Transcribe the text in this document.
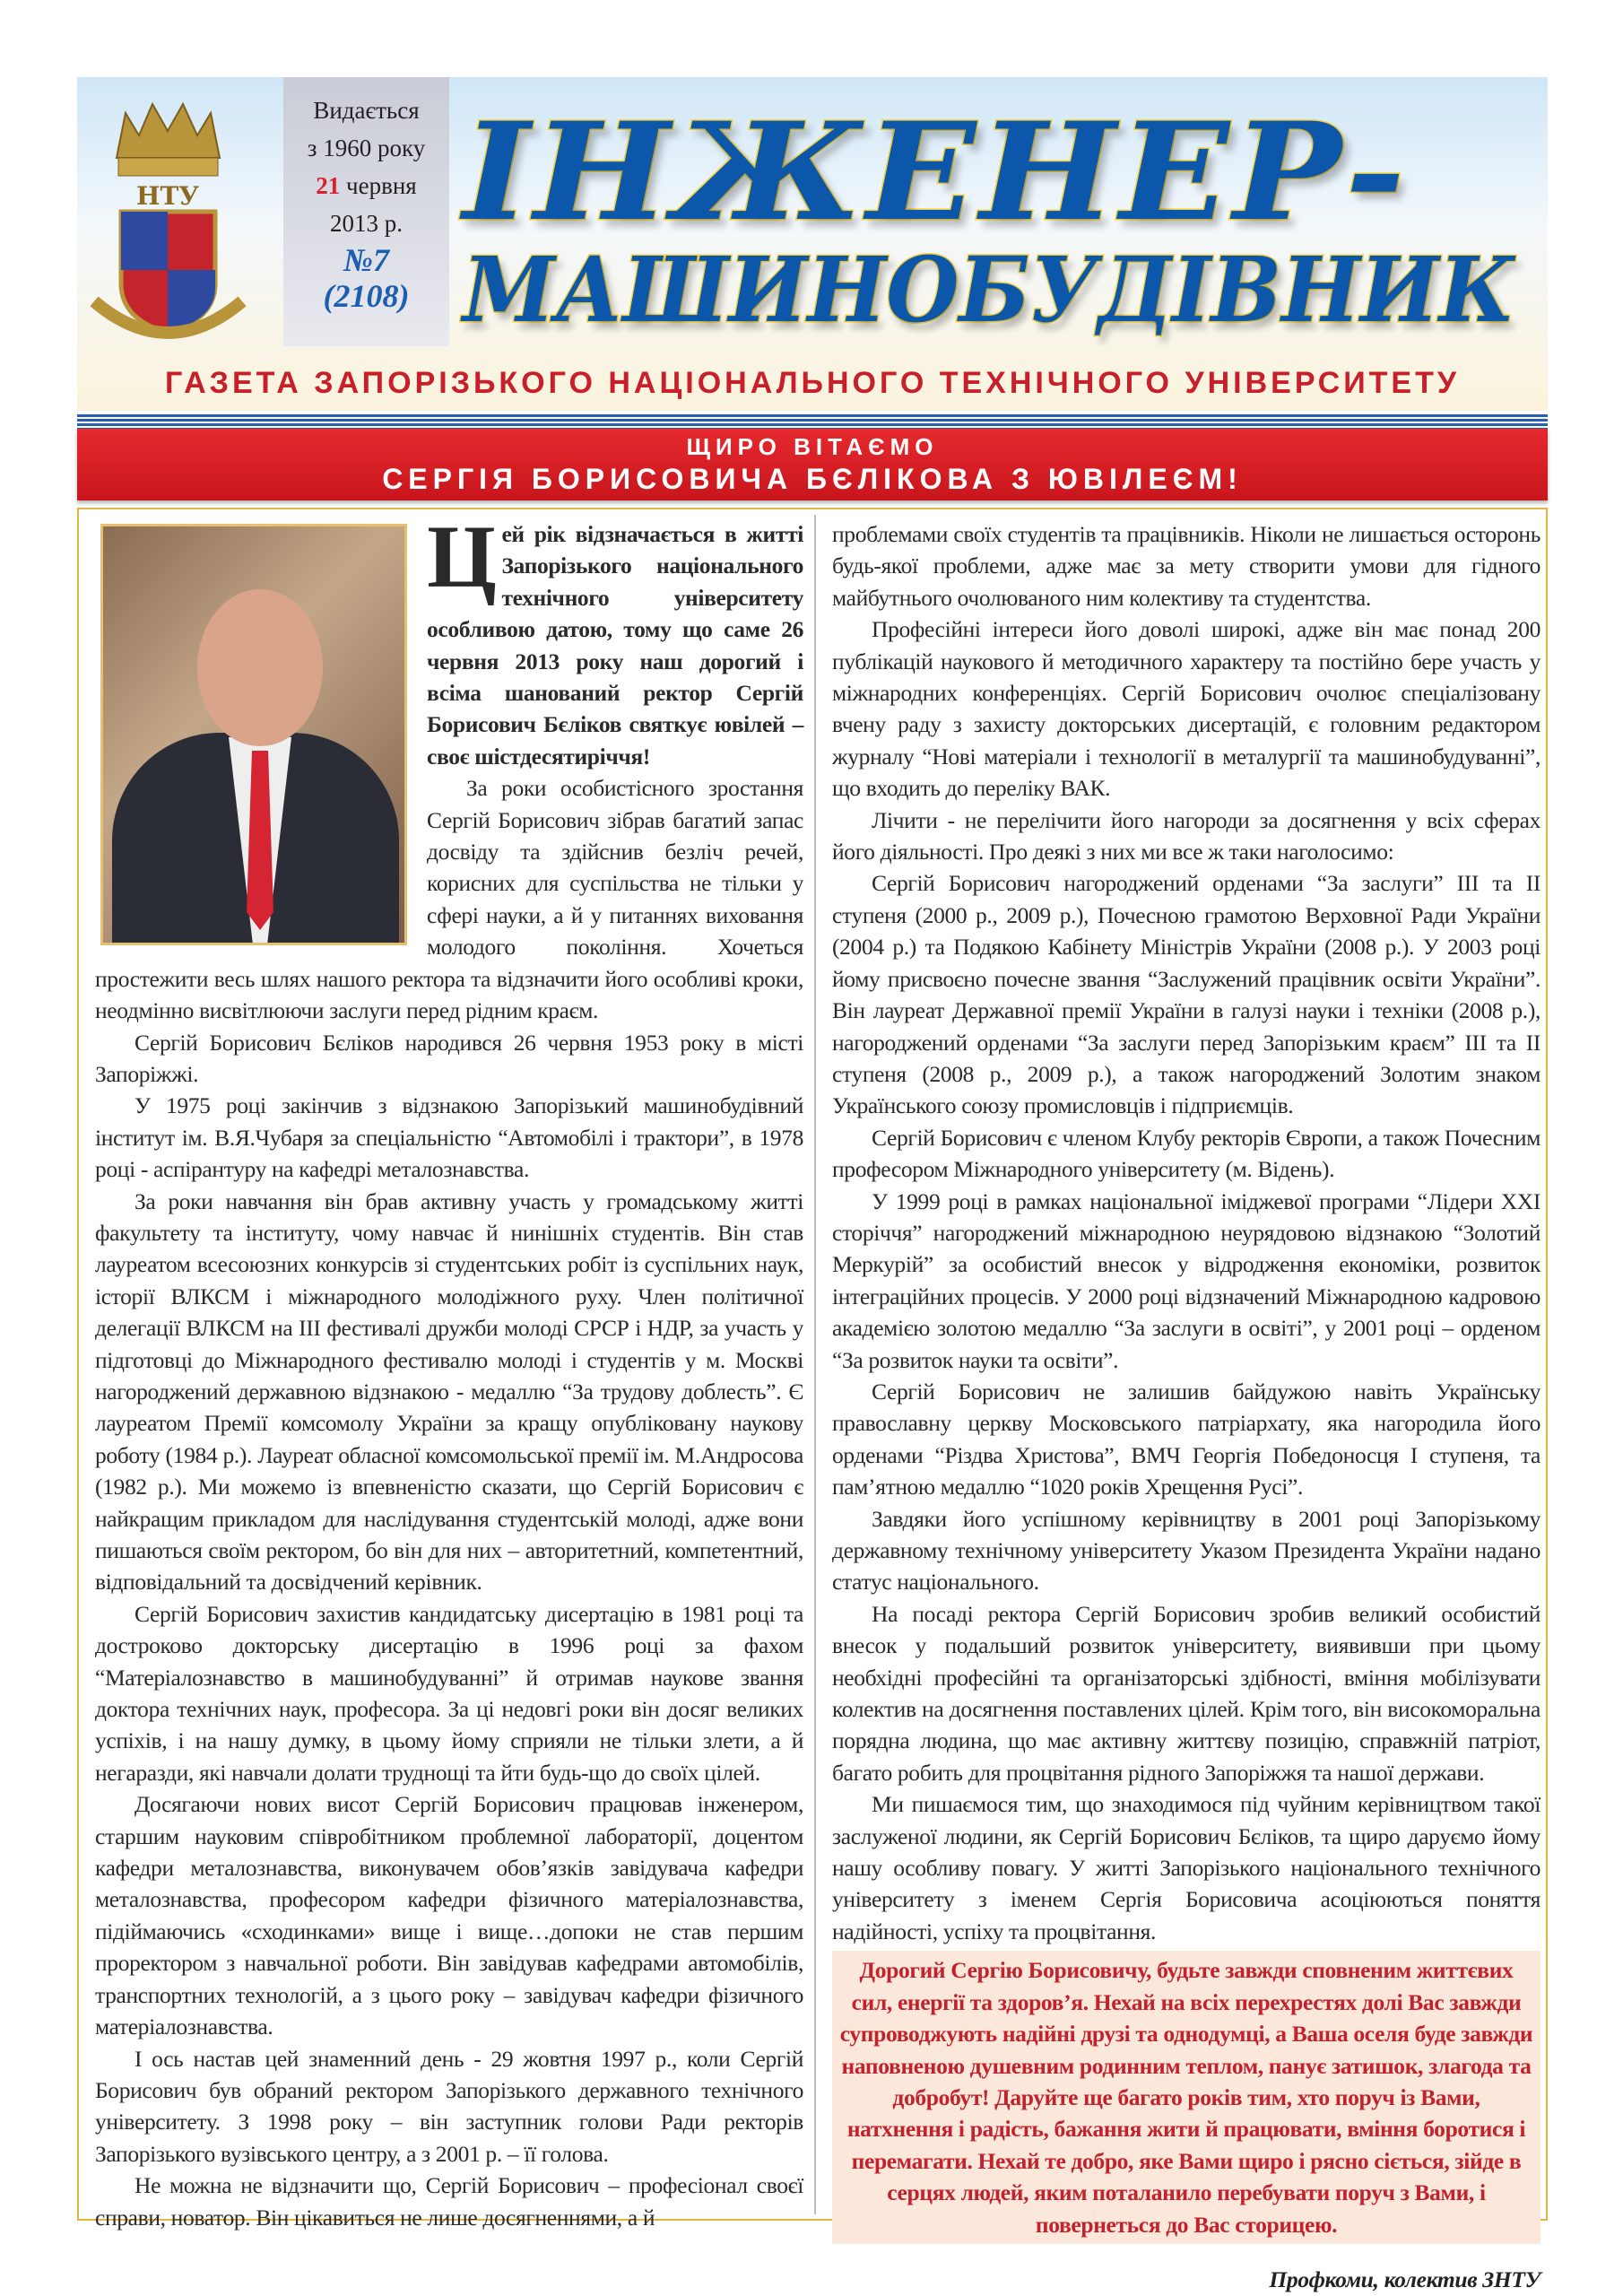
НТУ
Видається
з 1960 року
21 червня
2013 р.
№7
(2108)
ІНЖЕНЕР-
МАШИНОБУДІВНИК
ГАЗЕТА ЗАПОРІЗЬКОГО НАЦІОНАЛЬНОГО ТЕХНІЧНОГО УНІВЕРСИТЕТУ
ЩИРО ВІТАЄМО
СЕРГІЯ БОРИСОВИЧА БЄЛІКОВА З ЮВІЛЕЄМ!

Цей рік відзначається в житті Запорізького національного технічного університету особливою датою, тому що саме 26 червня 2013 року наш дорогий і всіма шанований ректор Сергій Борисович Бєліков святкує ювілей – своє шістдесятиріччя!

За роки особистісного зростання Сергій Борисович зібрав багатий запас досвіду та здійснив безліч речей, корисних для суспільства не тільки у сфері науки, а й у питаннях виховання молодого покоління. Хочеться простежити весь шлях нашого ректора та відзначити його особливі кроки, неодмінно висвітлюючи заслуги перед рідним краєм.

Сергій Борисович Бєліков народився 26 червня 1953 року в місті Запоріжжі.

У 1975 році закінчив з відзнакою Запорізький машинобудівний інститут ім. В.Я.Чубаря за спеціальністю “Автомобілі і трактори”, в 1978 році - аспірантуру на кафедрі металознавства.

За роки навчання він брав активну участь у громадському житті факультету та інституту, чому навчає й нинішніх студентів. Він став лауреатом всесоюзних конкурсів зі студентських робіт із суспільних наук, історії ВЛКСМ і міжнародного молодіжного руху. Член політичної делегації ВЛКСМ на ІІІ фестивалі дружби молоді СРСР і НДР, за участь у підготовці до Міжнародного фестивалю молоді і студентів у м. Москві нагороджений державною відзнакою - медаллю “За трудову доблесть”. Є лауреатом Премії комсомолу України за кращу опубліковану наукову роботу (1984 р.). Лауреат обласної комсомольської премії ім. М.Андросова (1982 р.). Ми можемо із впевненістю сказати, що Сергій Борисович є найкращим прикладом для наслідування студентській молоді, адже вони пишаються своїм ректором, бо він для них – авторитетний, компетентний, відповідальний та досвідчений керівник.

Сергій Борисович захистив кандидатську дисертацію в 1981 році та достроково докторську дисертацію в 1996 році за фахом “Матеріалознавство в машинобудуванні” й отримав наукове звання доктора технічних наук, професора. За ці недовгі роки він досяг великих успіхів, і на нашу думку, в цьому йому сприяли не тільки злети, а й негаразди, які навчали долати труднощі та йти будь-що до своїх цілей.

Досягаючи нових висот Сергій Борисович працював інженером, старшим науковим співробітником проблемної лабораторії, доцентом кафедри металознавства, виконувачем обов’язків завідувача кафедри металознавства, професором кафедри фізичного матеріалознавства, підіймаючись «сходинками» вище і вище…допоки не став першим проректором з навчальної роботи. Він завідував кафедрами автомобілів, транспортних технологій, а з цього року – завідувач кафедри фізичного матеріалознавства.

І ось настав цей знаменний день - 29 жовтня 1997 р., коли Сергій Борисович був обраний ректором Запорізького державного технічного університету. З 1998 року – він заступник голови Ради ректорів Запорізького вузівського центру, а з 2001 р. – її голова.

Не можна не відзначити що, Сергій Борисович – професіонал своєї справи, новатор. Він цікавиться не лише досягненнями, а й

проблемами своїх студентів та працівників. Ніколи не лишається осторонь будь-якої проблеми, адже має за мету створити умови для гідного майбутнього очолюваного ним колективу та студентства.

Професійні інтереси його доволі широкі, адже він має понад 200 публікацій наукового й методичного характеру та постійно бере участь у міжнародних конференціях. Сергій Борисович очолює спеціалізовану вчену раду з захисту докторських дисертацій, є головним редактором журналу “Нові матеріали і технології в металургії та машинобудуванні”, що входить до переліку ВАК.

Лічити - не перелічити його нагороди за досягнення у всіх сферах його діяльності. Про деякі з них ми все ж таки наголосимо:

Сергій Борисович нагороджений орденами “За заслуги” ІІІ та ІІ ступеня (2000 р., 2009 р.), Почесною грамотою Верховної Ради України (2004 р.) та Подякою Кабінету Міністрів України (2008 р.). У 2003 році йому присвоєно почесне звання “Заслужений працівник освіти України”. Він лауреат Державної премії України в галузі науки і техніки (2008 р.), нагороджений орденами “За заслуги перед Запорізьким краєм” ІІІ та ІІ ступеня (2008 р., 2009 р.), а також нагороджений Золотим знаком Українського союзу промисловців і підприємців.

Сергій Борисович є членом Клубу ректорів Європи, а також Почесним професором Міжнародного університету (м. Відень).

У 1999 році в рамках національної іміджевої програми “Лідери ХХІ сторіччя” нагороджений міжнародною неурядовою відзнакою “Золотий Меркурій” за особистий внесок у відродження економіки, розвиток інтеграційних процесів. У 2000 році відзначений Міжнародною кадровою академією золотою медаллю “За заслуги в освіті”, у 2001 році – орденом “За розвиток науки та освіти”.

Сергій Борисович не залишив байдужою навіть Українську православну церкву Московського патріархату, яка нагородила його орденами “Різдва Христова”, ВМЧ Георгія Победоносця І ступеня, та пам’ятною медаллю “1020 років Хрещення Русі”.

Завдяки його успішному керівництву в 2001 році Запорізькому державному технічному університету Указом Президента України надано статус національного.

На посаді ректора Сергій Борисович зробив великий особистий внесок у подальший розвиток університету, виявивши при цьому необхідні професійні та організаторські здібності, вміння мобілізувати колектив на досягнення поставлених цілей. Крім того, він високоморальна порядна людина, що має активну життєву позицію, справжній патріот, багато робить для процвітання рідного Запоріжжя та нашої держави.

Ми пишаємося тим, що знаходимося під чуйним керівництвом такої заслуженої людини, як Сергій Борисович Бєліков, та щиро даруємо йому нашу особливу повагу. У житті Запорізького національного технічного університету з іменем Сергія Борисовича асоціюються поняття надійності, успіху та процвітання.

Дорогий Сергію Борисовичу, будьте завжди сповненим життєвих сил, енергії та здоров’я. Нехай на всіх перехрестях долі Вас завжди супроводжують надійні друзі та однодумці, а Ваша оселя буде завжди наповненою душевним родинним теплом, панує затишок, злагода та добробут! Даруйте ще багато років тим, хто поруч із Вами, натхнення і радість, бажання жити й працювати, вміння боротися і перемагати. Нехай те добро, яке Вами щиро і рясно сіється, зійде в серцях людей, яким поталанило перебувати поруч з Вами, і повернеться до Вас сторицею.
Профкоми, колектив ЗНТУ
